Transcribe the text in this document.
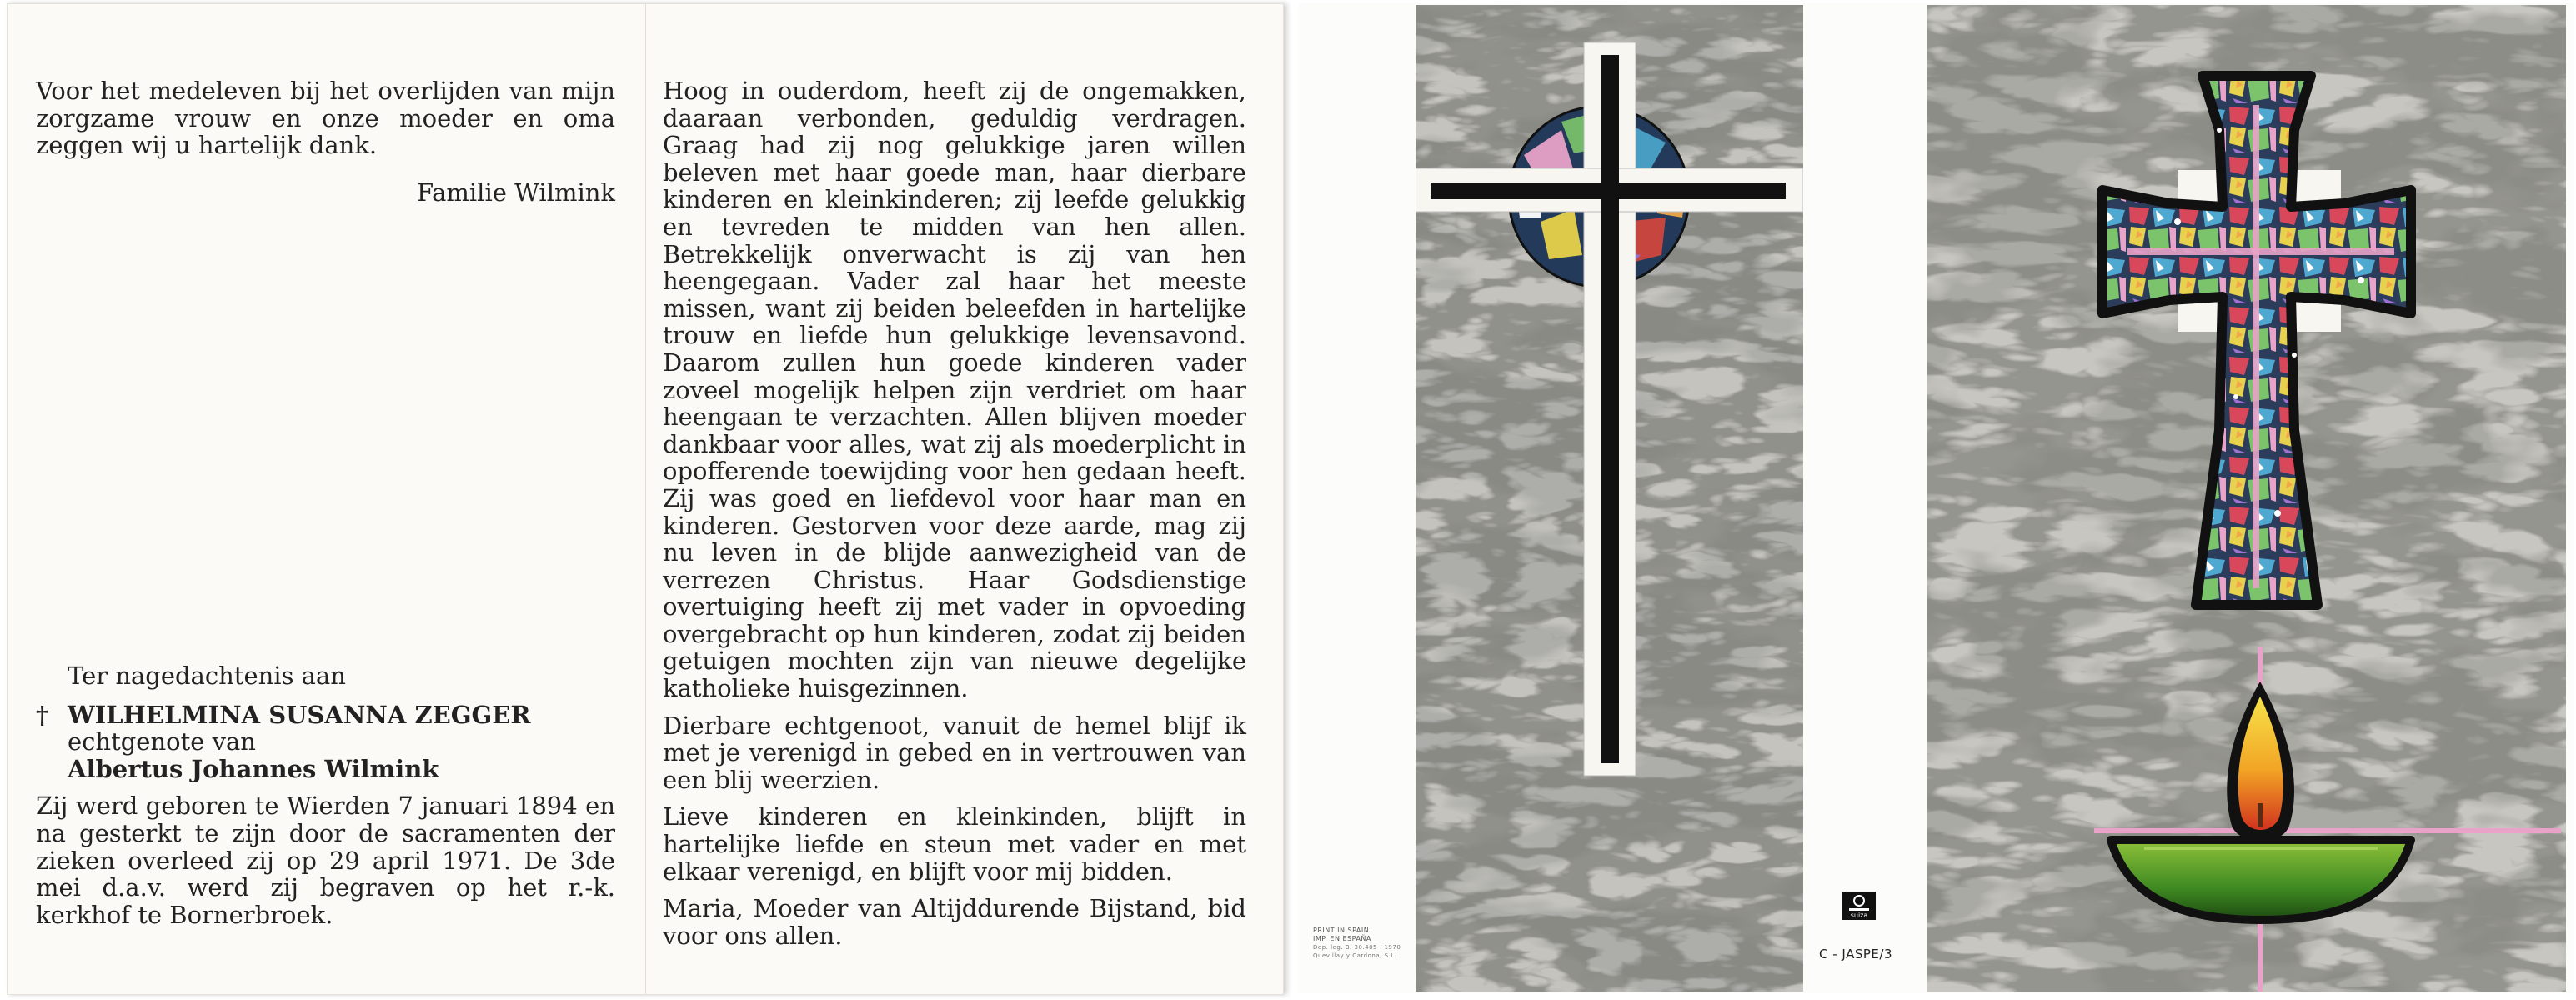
Voor het medeleven bij het overlijden van mijn zorgzame vrouw en onze moeder en oma zeggen wij u hartelijk dank.

Familie Wilmink
Ter nagedachtenis aan
† WILHELMINA SUSANNA ZEGGER
echtgenote van
Albertus Johannes Wilmink

Zij werd geboren te Wierden 7 januari 1894 en na gesterkt te zijn door de sacramenten der zieken overleed zij op 29 april 1971. De 3de mei d.a.v. werd zij begraven op het r.-k. kerkhof te Bornerbroek.

Hoog in ouderdom, heeft zij de ongemakken, daaraan verbonden, geduldig verdragen. Graag had zij nog gelukkige jaren willen beleven met haar goede man, haar dierbare kinderen en kleinkinderen; zij leefde gelukkig en tevreden te midden van hen allen. Betrekkelijk onverwacht is zij van hen heengegaan. Vader zal haar het meeste missen, want zij beiden beleefden in hartelijke trouw en liefde hun gelukkige levensavond. Daarom zullen hun goede kinderen vader zoveel mogelijk helpen zijn verdriet om haar heengaan te verzachten. Allen blijven moeder dankbaar voor alles, wat zij als moederplicht in opofferende toewijding voor hen gedaan heeft. Zij was goed en liefdevol voor haar man en kinderen. Gestorven voor deze aarde, mag zij nu leven in de blijde aanwezigheid van de verrezen Christus. Haar Godsdienstige overtuiging heeft zij met vader in opvoeding overgebracht op hun kinderen, zodat zij beiden getuigen mochten zijn van nieuwe degelijke katholieke huisgezinnen.

Dierbare echtgenoot, vanuit de hemel blijf ik met je verenigd in gebed en in vertrouwen van een blij weerzien.

Lieve kinderen en kleinkinden, blijft in hartelijke liefde en steun met vader en met elkaar verenigd, en blijft voor mij bidden.

Maria, Moeder van Altijddurende Bijstand, bid voor ons allen.	PRINT IN SPAIN
IMP. EN ESPAÑA
Dep. leg. B. 30.405 - 1970
Quevillay y Cardona, S.L.
suiza
C - JASPE/3
